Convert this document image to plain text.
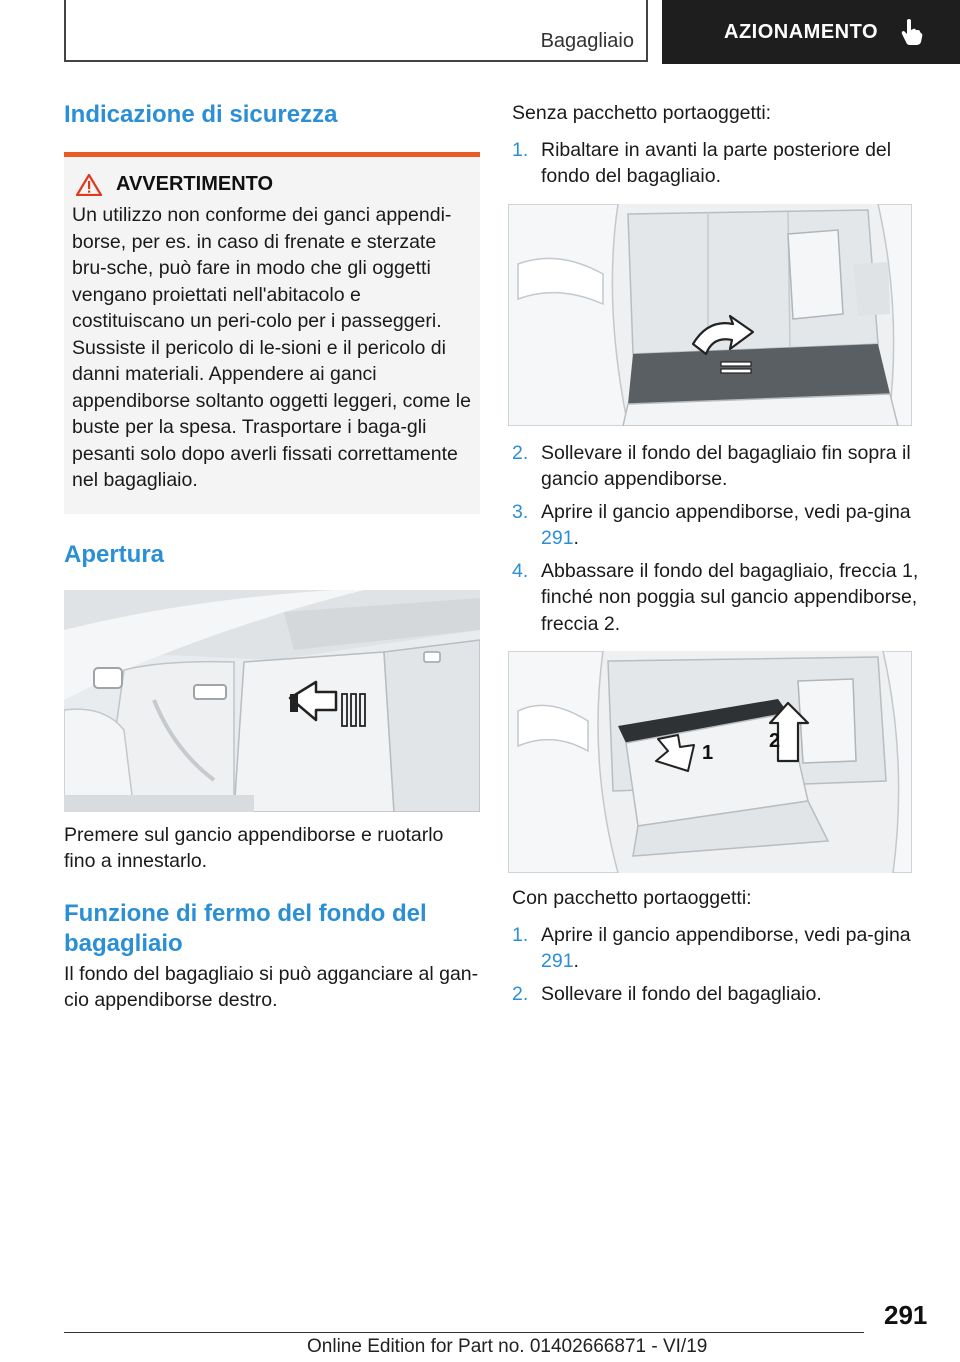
Bagagliaio	AZIONAMENTO
Indicazione di sicurezza
AVVERTIMENTO
Un utilizzo non conforme dei ganci appendi-borse, per es. in caso di frenate e sterzate bru-sche, può fare in modo che gli oggetti vengano proiettati nell'abitacolo e costituiscano un peri-colo per i passeggeri. Sussiste il pericolo di le-sioni e il pericolo di danni materiali. Appendere ai ganci appendiborse soltanto oggetti leggeri, come le buste per la spesa. Trasportare i baga-gli pesanti solo dopo averli fissati correttamente nel bagagliaio.
Apertura

Premere sul gancio appendiborse e ruotarlo fino a innestarlo.

Funzione di fermo del fondo del bagagliaio

Il fondo del bagagliaio si può agganciare al gan-cio appendiborse destro.

Senza pacchetto portaoggetti:

1. Ribaltare in avanti la parte posteriore del fondo del bagagliaio.
2. Sollevare il fondo del bagagliaio fin sopra il gancio appendiborse.
3. Aprire il gancio appendiborse, vedi pa-gina 291.
4. Abbassare il fondo del bagagliaio, freccia 1, finché non poggia sul gancio appendiborse, freccia 2.
1
2

Con pacchetto portaoggetti:

1. Aprire il gancio appendiborse, vedi pa-gina 291.
2. Sollevare il fondo del bagagliaio.
291
Online Edition for Part no. 01402666871 - VI/19
